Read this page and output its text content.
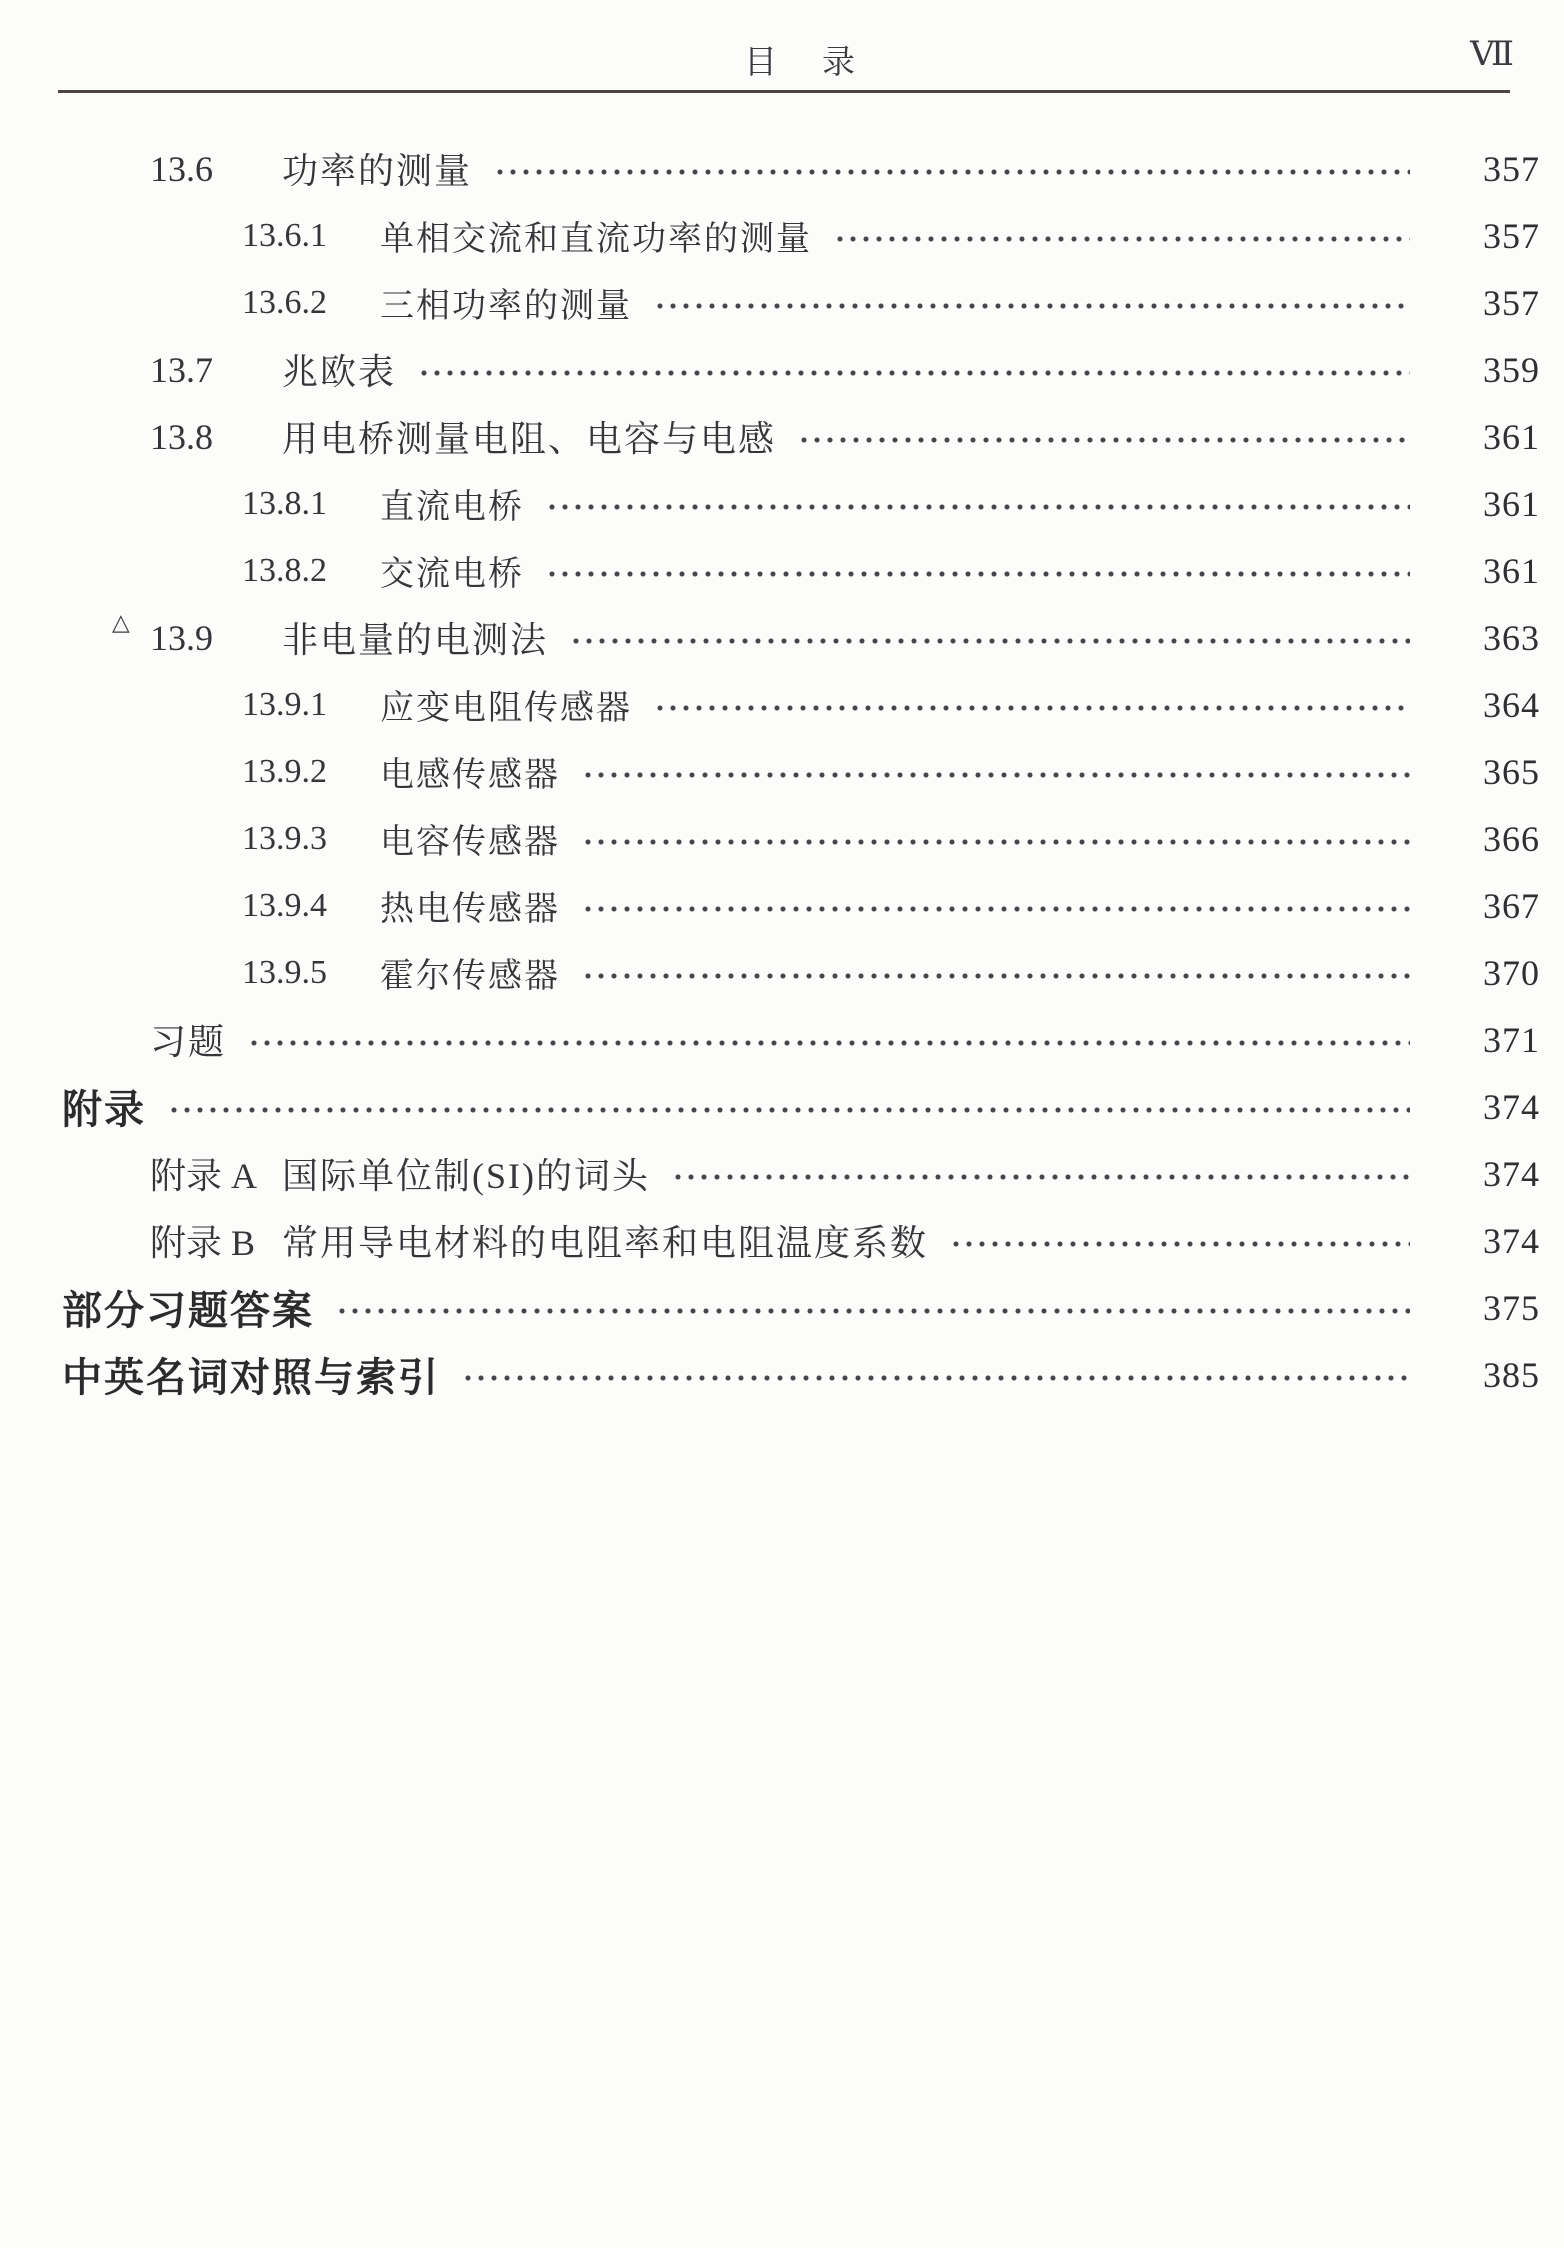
目　录	Ⅶ
13.6	功率的测量	357
13.6.1	单相交流和直流功率的测量	357
13.6.2	三相功率的测量	357
13.7	兆欧表	359
13.8	用电桥测量电阻、电容与电感	361
13.8.1	直流电桥	361
13.8.2	交流电桥	361
△ 13.9	非电量的电测法	363
13.9.1	应变电阻传感器	364
13.9.2	电感传感器	365
13.9.3	电容传感器	366
13.9.4	热电传感器	367
13.9.5	霍尔传感器	370
习题	371
附录	374
附录 A 国际单位制(SI)的词头	374
附录 B 常用导电材料的电阻率和电阻温度系数	374
部分习题答案	375
中英名词对照与索引	385
